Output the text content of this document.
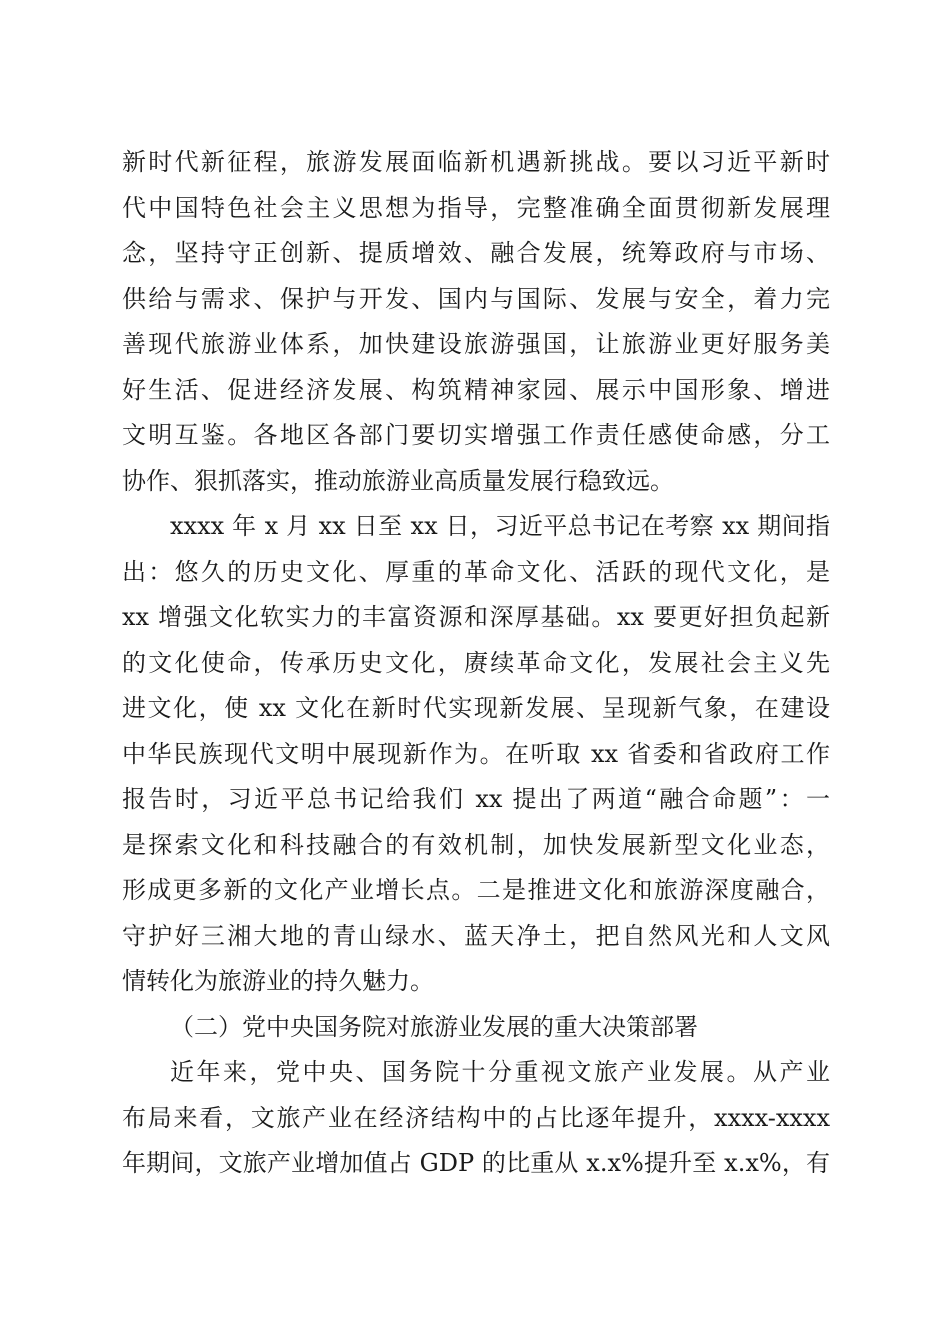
新时代新征程，旅游发展面临新机遇新挑战。要以习近平新时
代中国特色社会主义思想为指导，完整准确全面贯彻新发展理
念，坚持守正创新、提质增效、融合发展，统筹政府与市场、
供给与需求、保护与开发、国内与国际、发展与安全，着力完
善现代旅游业体系，加快建设旅游强国，让旅游业更好服务美
好生活、促进经济发展、构筑精神家园、展示中国形象、增进
文明互鉴。各地区各部门要切实增强工作责任感使命感，分工
协作、狠抓落实，推动旅游业高质量发展行稳致远。
xxxx 年 x 月 xx 日至 xx 日，习近平总书记在考察 xx 期间指
出：悠久的历史文化、厚重的革命文化、活跃的现代文化，是
xx 增强文化软实力的丰富资源和深厚基础。xx 要更好担负起新
的文化使命，传承历史文化，赓续革命文化，发展社会主义先
进文化，使 xx 文化在新时代实现新发展、呈现新气象，在建设
中华民族现代文明中展现新作为。在听取 xx 省委和省政府工作
报告时，习近平总书记给我们 xx 提出了两道“融合命题”：一
是探索文化和科技融合的有效机制，加快发展新型文化业态，
形成更多新的文化产业增长点。二是推进文化和旅游深度融合，
守护好三湘大地的青山绿水、蓝天净土，把自然风光和人文风
情转化为旅游业的持久魅力。
（二）党中央国务院对旅游业发展的重大决策部署
近年来，党中央、国务院十分重视文旅产业发展。从产业
布局来看，文旅产业在经济结构中的占比逐年提升，xxxx-xxxx
年期间，文旅产业增加值占 GDP 的比重从 x.x%提升至 x.x%，有
